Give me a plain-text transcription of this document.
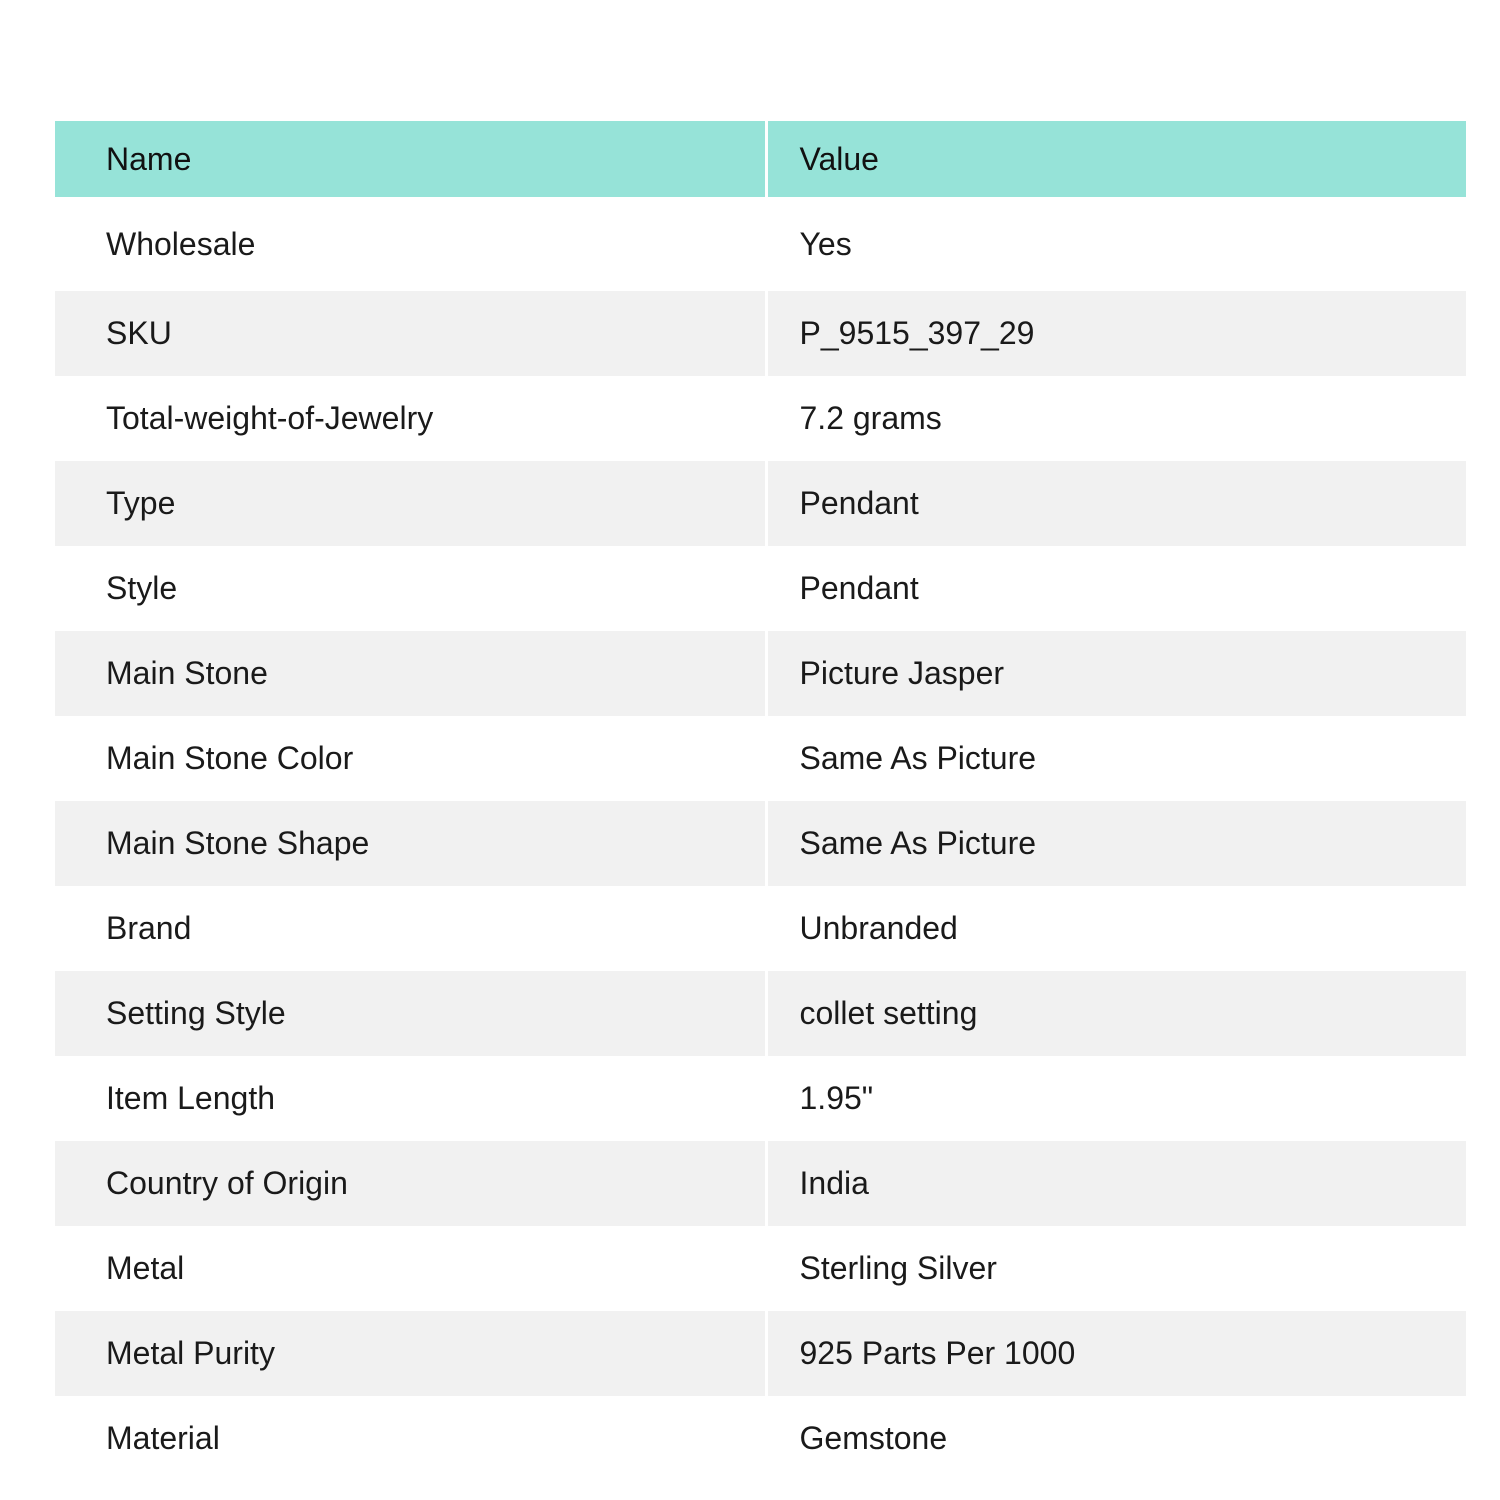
Name	Value
Wholesale	Yes
SKU	P_9515_397_29
Total-weight-of-Jewelry	7.2 grams
Type	Pendant
Style	Pendant
Main Stone	Picture Jasper
Main Stone Color	Same As Picture
Main Stone Shape	Same As Picture
Brand	Unbranded
Setting Style	collet setting
Item Length	1.95"
Country of Origin	India
Metal	Sterling Silver
Metal Purity	925 Parts Per 1000
Material	Gemstone
